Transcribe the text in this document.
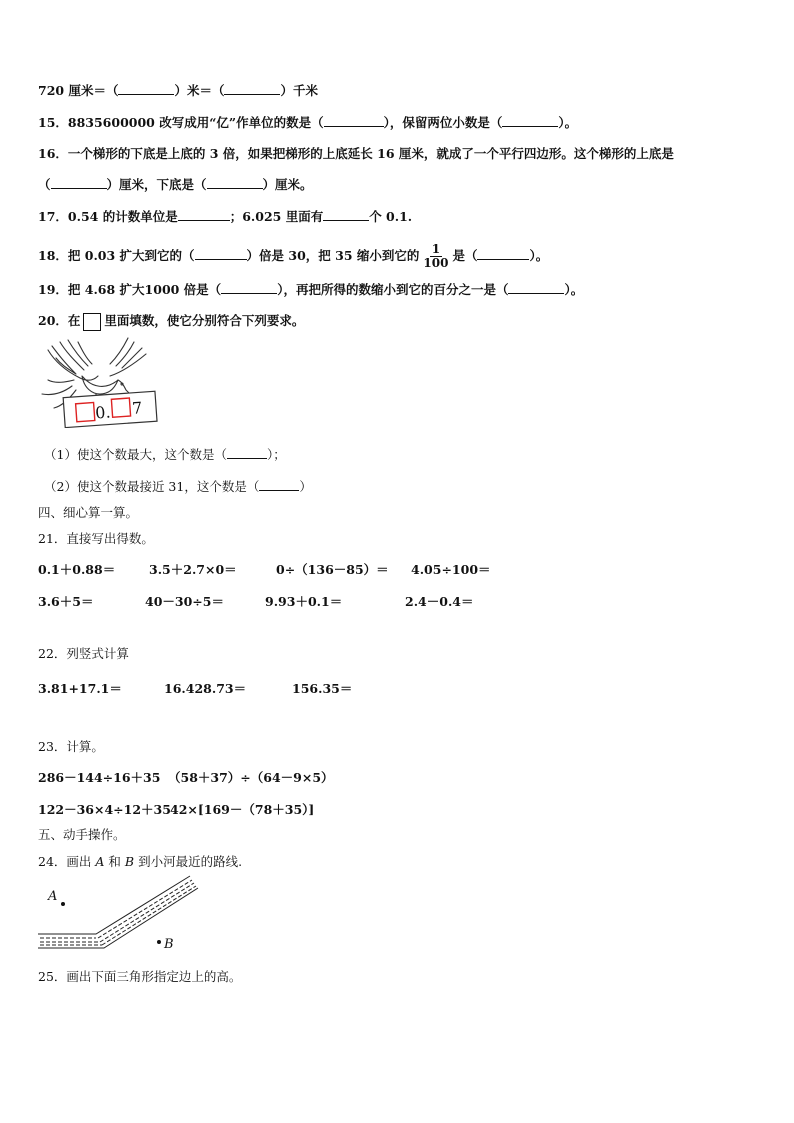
720 厘米＝（	）米＝（	）千米
15．8835600000 改写成用“亿”作单位的数是（	），保留两位小数是（	）。
16．一个梯形的下底是上底的 3 倍，如果把梯形的上底延长 16 厘米，就成了一个平行四边形。这个梯形的上底是
（	）厘米，下底是（	）厘米。
17．0.54 的计数单位是	；6.025 里面有	个 0.1.
18．把 0.03 扩大到它的（	）倍是 30，把 35 缩小到它的 $\frac{1}{100}$ 是（	）。
19．把 4.68 扩大1000 倍是（	），再把所得的数缩小到它的百分之一是（	）。
20．在 里面填数，使它分别符合下列要求。
0. 7
（1）使这个数最大，这个数是（	）；
（2）使这个数最接近 31，这个数是（	）
四、细心算一算。
21．直接写出得数。
0.1＋0.88＝	3.5＋2.7×0＝	0÷（136－85）＝ 4.05÷100＝
3.6＋5＝	40－30÷5＝	9.93＋0.1＝	2.4－0.4＝
22．列竖式计算
3.81+17.1＝	16.428.73＝	156.35＝
23．计算。
286－144÷16＋35 （58＋37）÷（64－9×5）
122－36×4÷12＋35 42×[169－（78＋35）]
五、动手操作。
24．画出 A 和 B 到小河最近的路线.
A
B
25．画出下面三角形指定边上的高。
